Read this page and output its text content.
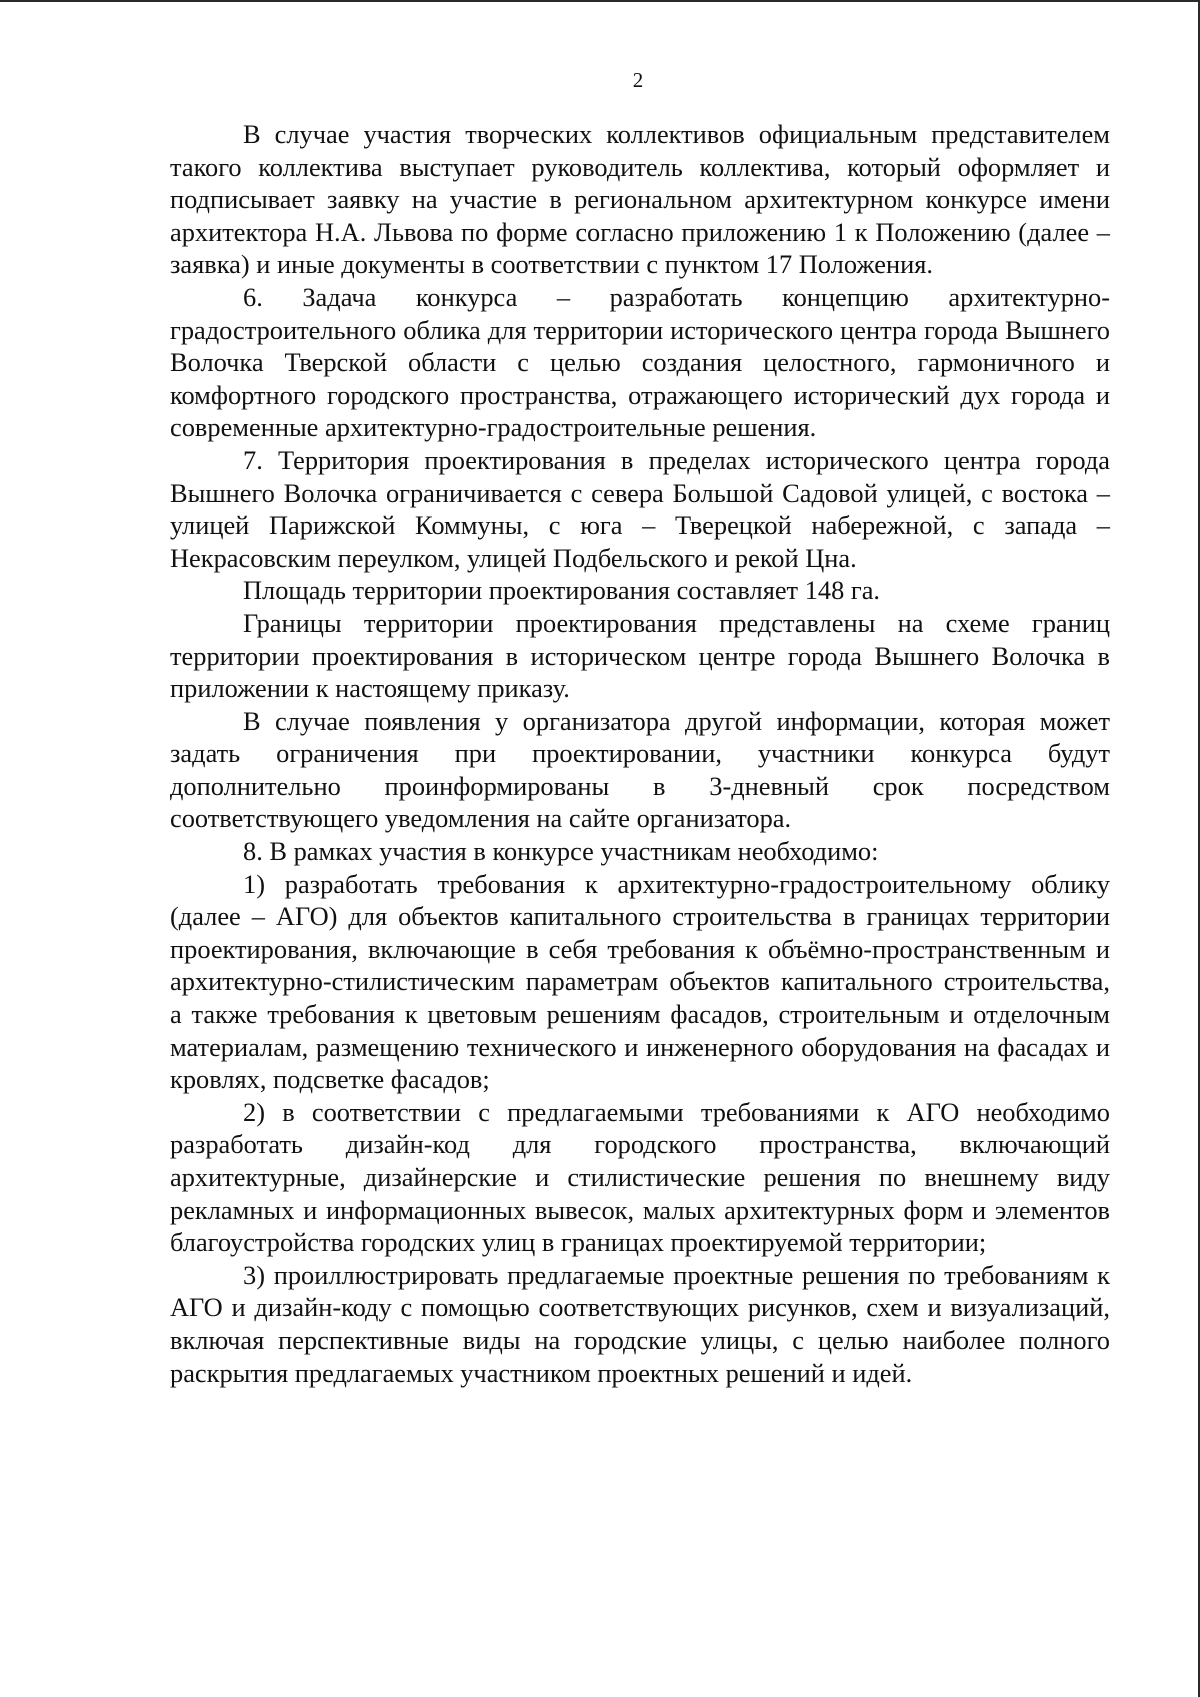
2

В случае участия творческих коллективов официальным представителем такого коллектива выступает руководитель коллектива, который оформляет и подписывает заявку на участие в региональном архитектурном конкурсе имени архитектора Н.А. Львова по форме согласно приложению 1 к Положению (далее – заявка) и иные документы в соответствии с пунктом 17 Положения.

6. Задача конкурса – разработать концепцию архитектурно-градостроительного облика для территории исторического центра города Вышнего Волочка Тверской области с целью создания целостного, гармоничного и комфортного городского пространства, отражающего исторический дух города и современные архитектурно-градостроительные решения.

7. Территория проектирования в пределах исторического центра города Вышнего Волочка ограничивается с севера Большой Садовой улицей, с востока – улицей Парижской Коммуны, с юга – Тверецкой набережной, с запада – Некрасовским переулком, улицей Подбельского и рекой Цна.

Площадь территории проектирования составляет 148 га.

Границы территории проектирования представлены на схеме границ территории проектирования в историческом центре города Вышнего Волочка в приложении к настоящему приказу.

В случае появления у организатора другой информации, которая может задать ограничения при проектировании, участники конкурса будут дополнительно проинформированы в 3-дневный срок посредством соответствующего уведомления на сайте организатора.

8. В рамках участия в конкурсе участникам необходимо:

1) разработать требования к архитектурно-градостроительному облику (далее – АГО) для объектов капитального строительства в границах территории проектирования, включающие в себя требования к объёмно-пространственным и архитектурно-стилистическим параметрам объектов капитального строительства, а также требования к цветовым решениям фасадов, строительным и отделочным материалам, размещению технического и инженерного оборудования на фасадах и кровлях, подсветке фасадов;

2) в соответствии с предлагаемыми требованиями к АГО необходимо разработать дизайн-код для городского пространства, включающий архитектурные, дизайнерские и стилистические решения по внешнему виду рекламных и информационных вывесок, малых архитектурных форм и элементов благоустройства городских улиц в границах проектируемой территории;

3) проиллюстрировать предлагаемые проектные решения по требованиям к АГО и дизайн-коду с помощью соответствующих рисунков, схем и визуализаций, включая перспективные виды на городские улицы, с целью наиболее полного раскрытия предлагаемых участником проектных решений и идей.
